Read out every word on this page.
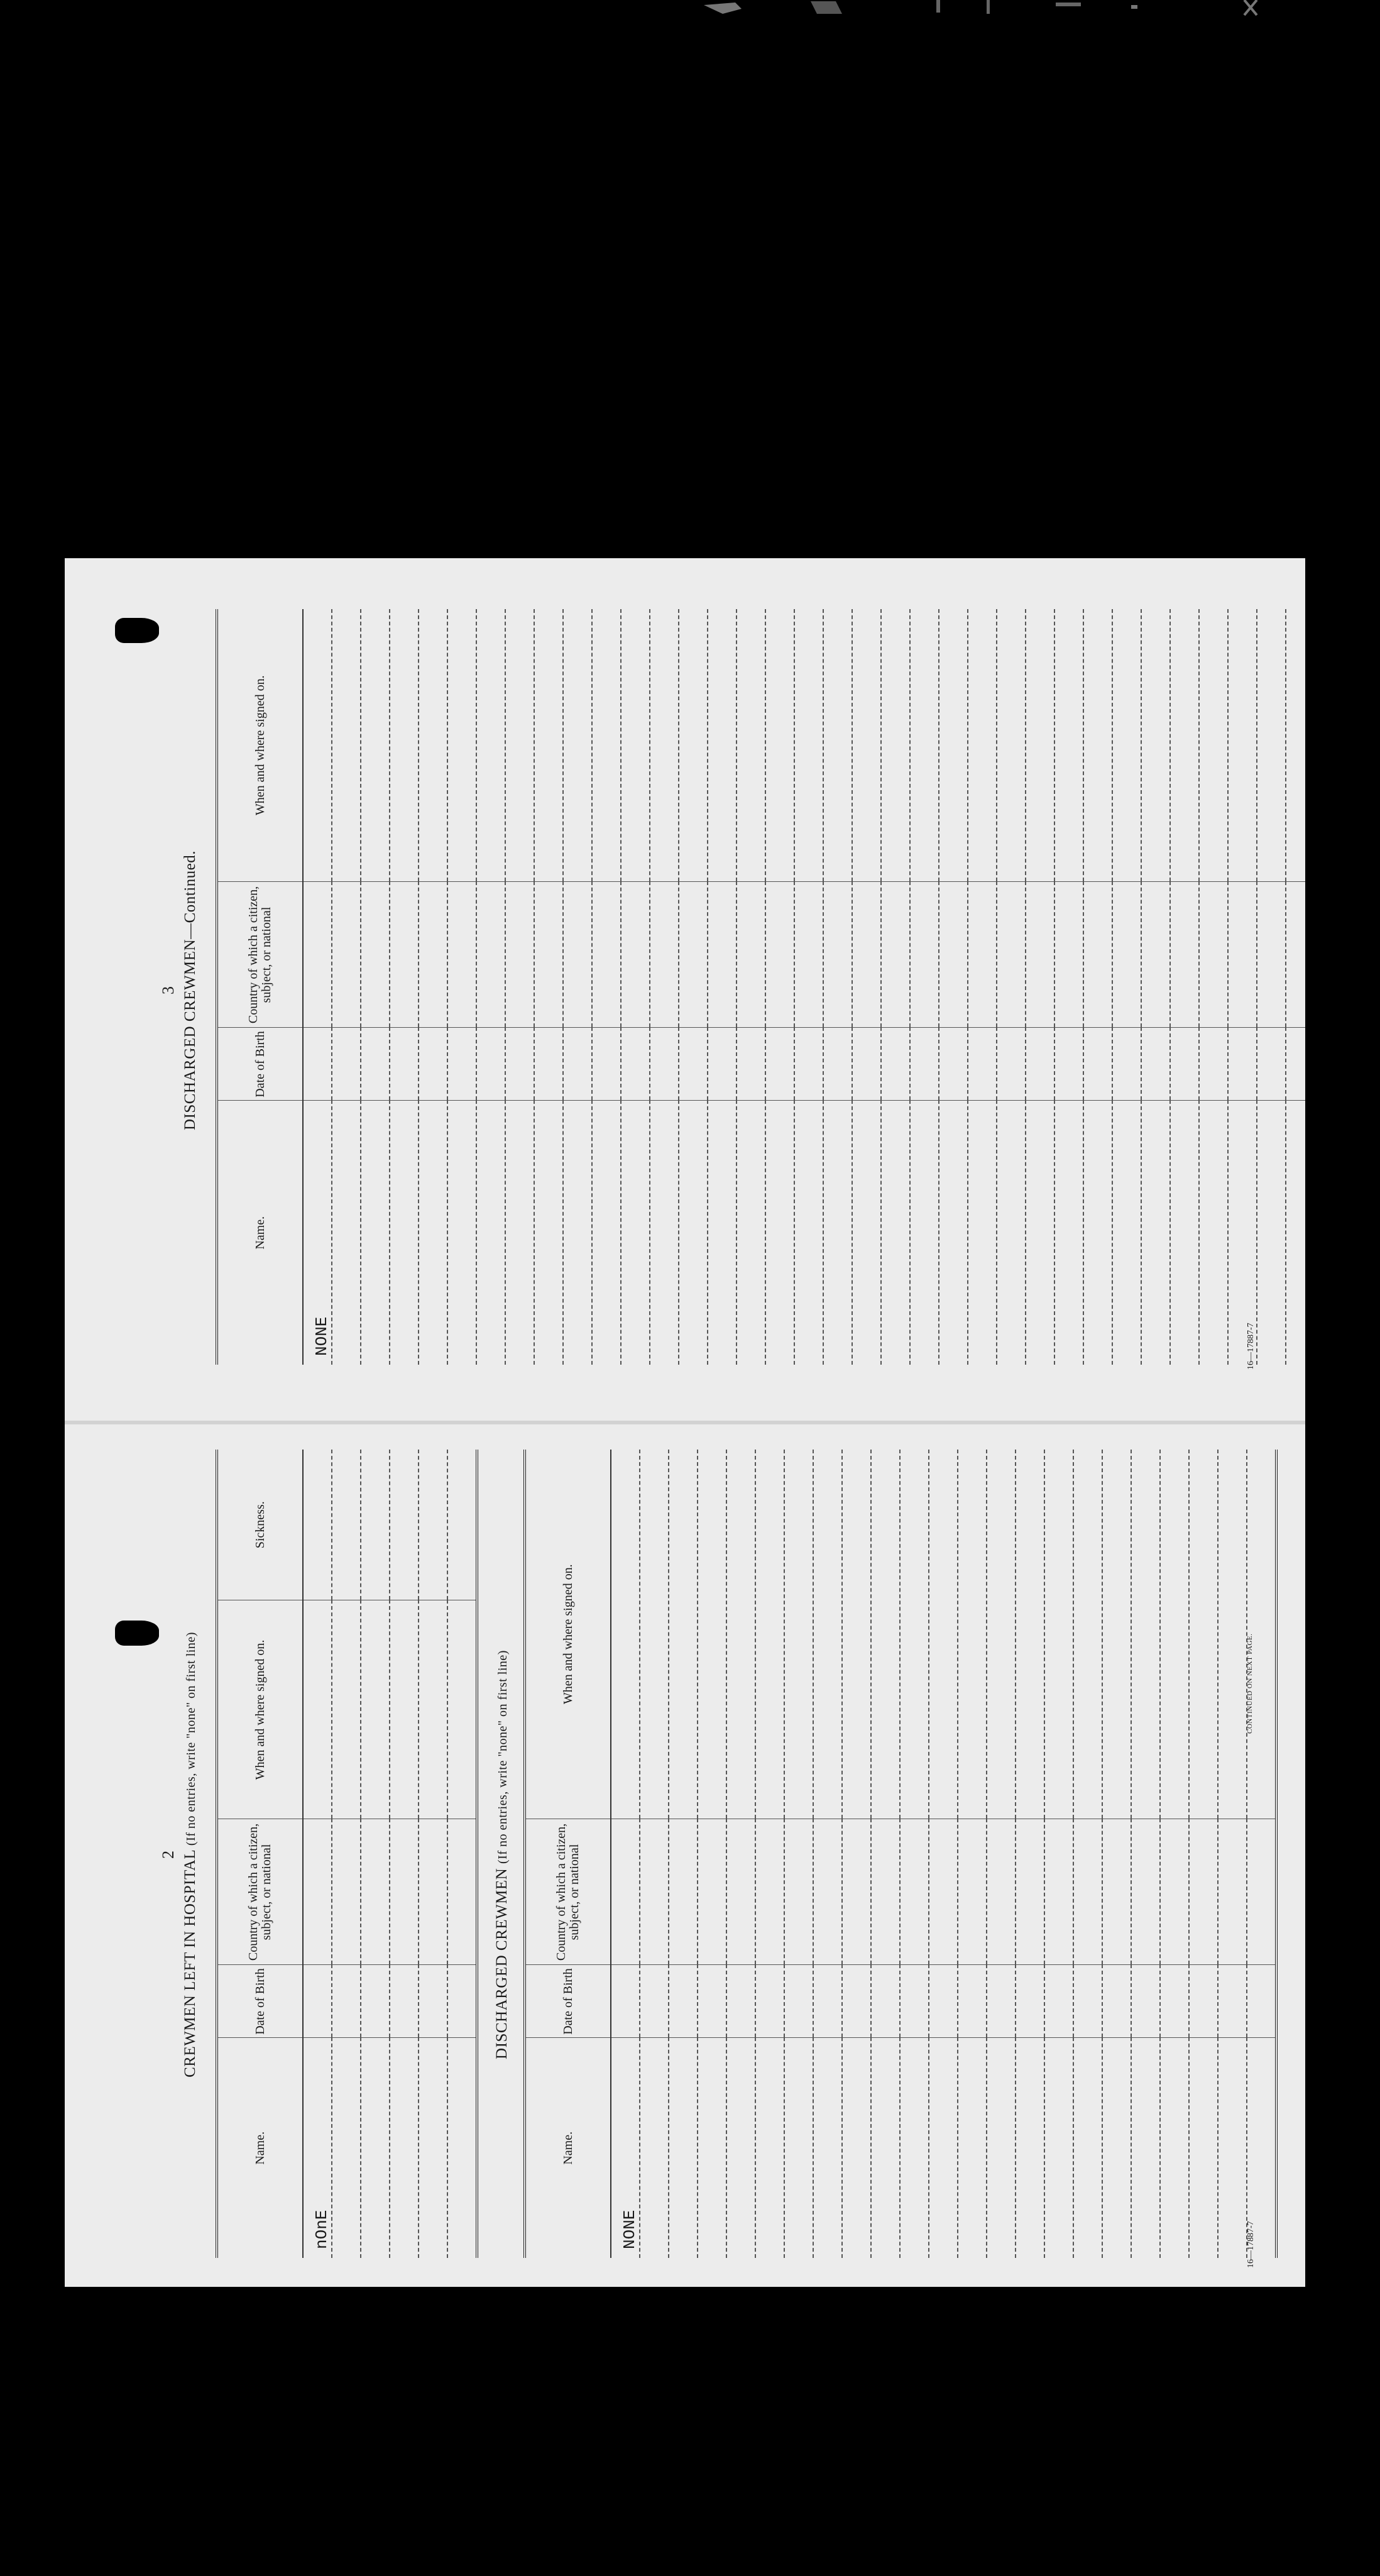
2 CREWMEN LEFT IN HOSPITAL (If no entries, write "none" on first line)
Name.	Date of Birth	Country of which a citizen, subject, or national	When and where signed on.	Sickness.
nOnE				

DISCHARGED CREWMEN (If no entries, write "none" on first line)
Name.	Date of Birth	Country of which a citizen, subject, or national	When and where signed on.
NONE			

				16—17887-7
CONTINUED ON NEXT PAGE.
3 DISCHARGED CREWMEN—Continued.
Name.	Date of Birth	Country of which a citizen, subject, or national	When and where signed on.
NONE			

				16—17887-7
